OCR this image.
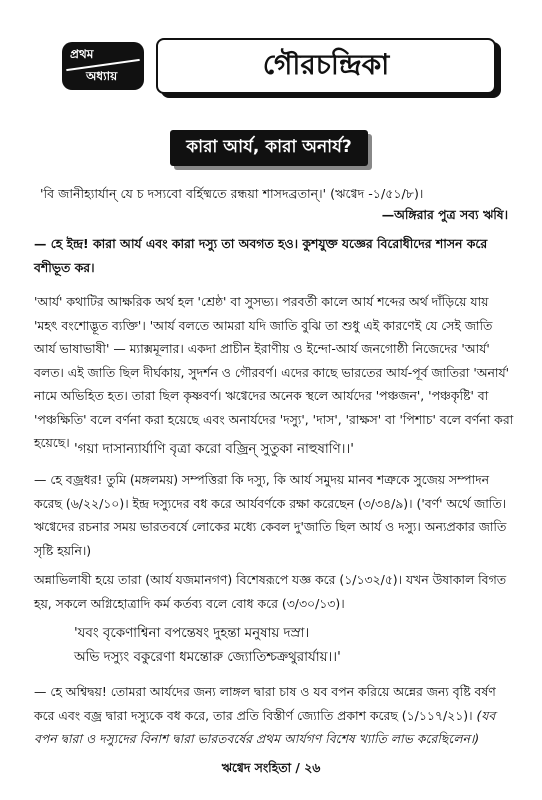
প্রথম
অধ্যায়	গৌরচন্দ্রিকা
কারা আর্য, কারা অনার্য?
'বি জানীহ্যার্যান্ যে চ দস্যবো বর্হিষ্মতে রন্ধয়া শাসদব্রতান্।' (ঋগ্বেদ -১/৫১/৮)।
—অঙ্গিরার পুত্র সব্য ঋষি।
— হে ইন্দ্র! কারা আর্য এবং কারা দস্যু তা অবগত হও। কুশযুক্ত যজ্ঞের বিরোধীদের শাসন করে বশীভূত কর।
'আর্য' কথাটির আক্ষরিক অর্থ হল 'শ্রেষ্ঠ' বা সুসভ্য। পরবর্তী কালে আর্য শব্দের অর্থ দাঁড়িয়ে যায় 'মহৎ বংশোদ্ভূত ব্যক্তি'। 'আর্য বলতে আমরা যদি জাতি বুঝি তা শুধু এই কারণেই যে সেই জাতি আর্য ভাষাভাষী' — ম্যাক্সমূলার। একদা প্রাচীন ইরাণীয় ও ইন্দো-আর্য জনগোষ্ঠী নিজেদের 'আর্য' বলত। এই জাতি ছিল দীর্ঘকায়, সুদর্শন ও গৌরবর্ণ। এদের কাছে ভারতের আর্য-পূর্ব জাতিরা 'অনার্য' নামে অভিহিত হত। তারা ছিল কৃষ্ণবর্ণ। ঋগ্বেদের অনেক স্থলে আর্যদের 'পঞ্চজন', 'পঞ্চকৃষ্টি' বা 'পঞ্চক্ষিতি' বলে বর্ণনা করা হয়েছে এবং অনার্যদের 'দস্যু', 'দাস', 'রাক্ষস' বা 'পিশাচ' বলে বর্ণনা করা হয়েছে। 'গয়া দাসান্যার্যাণি বৃত্রা করো বজ্রিন্ সুতুকা নাহুষাণি।।'
— হে বজ্রধর! তুমি (মঙ্গলময়) সম্পত্তিরা কি দস্যু, কি আর্য সমুদয় মানব শত্রুকে সুজেয় সম্পাদন করেছ (৬/২২/১০)। ইন্দ্র দস্যুদের বধ করে আর্যবর্ণকে রক্ষা করেছেন (৩/৩৪/৯)। ('বর্ণ' অর্থে জাতি। ঋগ্বেদের রচনার সময় ভারতবর্ষে লোকের মধ্যে কেবল দু'জাতি ছিল আর্য ও দস্যু। অন্যপ্রকার জাতি সৃষ্টি হয়নি।)
অন্নাভিলাষী হয়ে তারা (আর্য যজমানগণ) বিশেষরূপে যজ্ঞ করে (১/১৩২/৫)। যখন উষাকাল বিগত হয়, সকলে অগ্নিহোত্রাদি কর্ম কর্তব্য বলে বোধ করে (৩/৩০/১৩)।
'যবং বৃকেণাশ্বিনা বপন্তেষং দুহন্তা মনুষায় দস্রা।
অভি দস্যুং বকুরেণা ধমন্তোরু জ্যোতিশ্চক্রথুরার্যায়।।'
— হে অশ্বিদ্বয়! তোমরা আর্যদের জন্য লাঙ্গল দ্বারা চাষ ও যব বপন করিয়ে অন্নের জন্য বৃষ্টি বর্ষণ করে এবং বজ্র দ্বারা দস্যুকে বধ করে, তার প্রতি বিস্তীর্ণ জ্যোতি প্রকাশ করেছ (১/১১৭/২১)। (যব বপন দ্বারা ও দস্যুদের বিনাশ দ্বারা ভারতবর্ষের প্রথম আর্যগণ বিশেষ খ্যাতি লাভ করেছিলেন।)
ঋগ্বেদ সংহিতা / ২৬
